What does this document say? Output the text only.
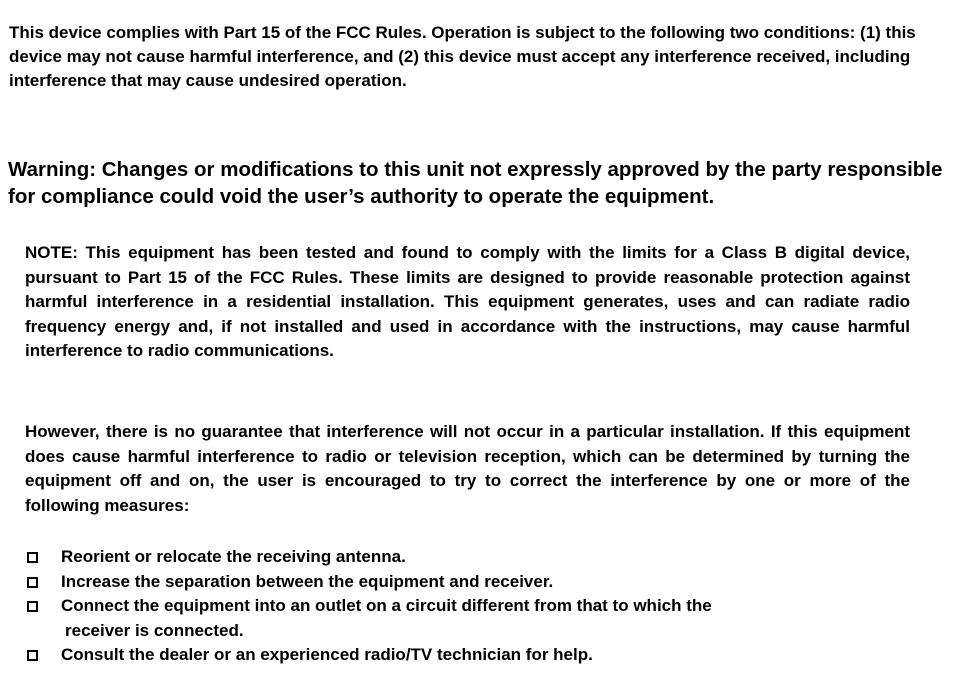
This device complies with Part 15 of the FCC Rules. Operation is subject to the following two conditions: (1) this device may not cause harmful interference, and (2) this device must accept any interference received, including interference that may cause undesired operation.

Warning: Changes or modifications to this unit not expressly approved by the party responsible for compliance could void the user’s authority to operate the equipment.

NOTE: This equipment has been tested and found to comply with the limits for a Class B digital device, pursuant to Part 15 of the FCC Rules. These limits are designed to provide reasonable protection against harmful interference in a residential installation. This equipment generates, uses and can radiate radio frequency energy and, if not installed and used in accordance with the instructions, may cause harmful interference to radio communications.

However, there is no guarantee that interference will not occur in a particular installation. If this equipment does cause harmful interference to radio or television reception, which can be determined by turning the equipment off and on, the user is encouraged to try to correct the interference by one or more of the following measures:

Reorient or relocate the receiving antenna.
Increase the separation between the equipment and receiver.
Connect the equipment into an outlet on a circuit different from that to which the
receiver is connected.
Consult the dealer or an experienced radio/TV technician for help.
